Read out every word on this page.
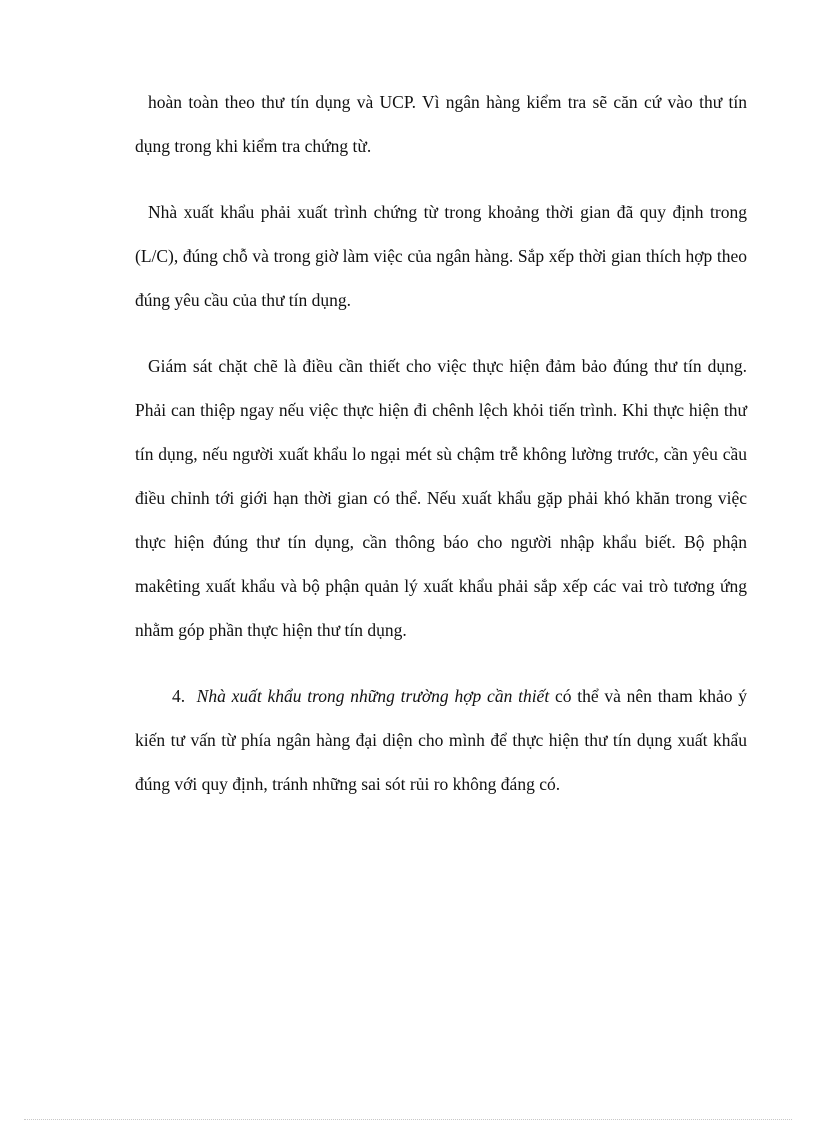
hoàn toàn theo thư tín dụng và UCP. Vì ngân hàng kiểm tra sẽ căn cứ vào thư tín dụng trong khi kiểm tra chứng từ.

Nhà xuất khẩu phải xuất trình chứng từ trong khoảng thời gian đã quy định trong (L/C), đúng chỗ và trong giờ làm việc của ngân hàng. Sắp xếp thời gian thích hợp theo đúng yêu cầu của thư tín dụng.

Giám sát chặt chẽ là điều cần thiết cho việc thực hiện đảm bảo đúng thư tín dụng. Phải can thiệp ngay nếu việc thực hiện đi chênh lệch khỏi tiến trình. Khi thực hiện thư tín dụng, nếu người xuất khẩu lo ngại mét sù chậm trễ không lường trước, cần yêu cầu điều chỉnh tới giới hạn thời gian có thể. Nếu xuất khẩu gặp phải khó khăn trong việc thực hiện đúng thư tín dụng, cần thông báo cho người nhập khẩu biết. Bộ phận makêting xuất khẩu và bộ phận quản lý xuất khẩu phải sắp xếp các vai trò tương ứng nhằm góp phần thực hiện thư tín dụng.

4. Nhà xuất khẩu trong những trường hợp cần thiết có thể và nên tham khảo ý kiến tư vấn từ phía ngân hàng đại diện cho mình để thực hiện thư tín dụng xuất khẩu đúng với quy định, tránh những sai sót rủi ro không đáng có.
